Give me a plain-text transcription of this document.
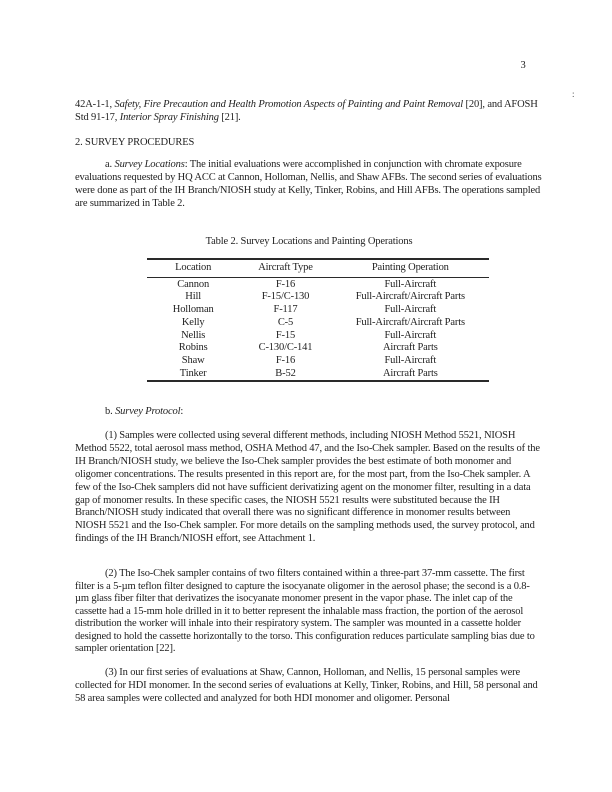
3
:

42A-1-1, Safety, Fire Precaution and Health Promotion Aspects of Painting and Paint Removal [20], and AFOSH Std 91-17, Interior Spray Finishing [21].

2. SURVEY PROCEDURES

a. Survey Locations: The initial evaluations were accomplished in conjunction with chromate exposure evaluations requested by HQ ACC at Cannon, Holloman, Nellis, and Shaw AFBs. The second series of evaluations were done as part of the IH Branch/NIOSH study at Kelly, Tinker, Robins, and Hill AFBs. The operations sampled are summarized in Table 2.

Table 2. Survey Locations and Painting Operations

Location	Aircraft Type	Painting Operation
Cannon	F-16	Full-Aircraft
Hill	F-15/C-130	Full-Aircraft/Aircraft Parts
Holloman	F-117	Full-Aircraft
Kelly	C-5	Full-Aircraft/Aircraft Parts
Nellis	F-15	Full-Aircraft
Robins	C-130/C-141	Aircraft Parts
Shaw	F-16	Full-Aircraft
Tinker	B-52	Aircraft Parts

b. Survey Protocol:

(1) Samples were collected using several different methods, including NIOSH Method 5521, NIOSH Method 5522, total aerosol mass method, OSHA Method 47, and the Iso-Chek sampler. Based on the results of the IH Branch/NIOSH study, we believe the Iso-Chek sampler provides the best estimate of both monomer and oligomer concentrations. The results presented in this report are, for the most part, from the Iso-Chek sampler. A few of the Iso-Chek samplers did not have sufficient derivatizing agent on the monomer filter, resulting in a data gap of monomer results. In these specific cases, the NIOSH 5521 results were substituted because the IH Branch/NIOSH study indicated that overall there was no significant difference in monomer results between NIOSH 5521 and the Iso-Chek sampler. For more details on the sampling methods used, the survey protocol, and findings of the IH Branch/NIOSH effort, see Attachment 1.

(2) The Iso-Chek sampler contains of two filters contained within a three-part 37-mm cassette. The first filter is a 5-µm teflon filter designed to capture the isocyanate oligomer in the aerosol phase; the second is a 0.8-µm glass fiber filter that derivatizes the isocyanate monomer present in the vapor phase. The inlet cap of the cassette had a 15-mm hole drilled in it to better represent the inhalable mass fraction, the portion of the aerosol distribution the worker will inhale into their respiratory system. The sampler was mounted in a cassette holder designed to hold the cassette horizontally to the torso. This configuration reduces particulate sampling bias due to sampler orientation [22].

(3) In our first series of evaluations at Shaw, Cannon, Holloman, and Nellis, 15 personal samples were collected for HDI monomer. In the second series of evaluations at Kelly, Tinker, Robins, and Hill, 58 personal and 58 area samples were collected and analyzed for both HDI monomer and oligomer. Personal
